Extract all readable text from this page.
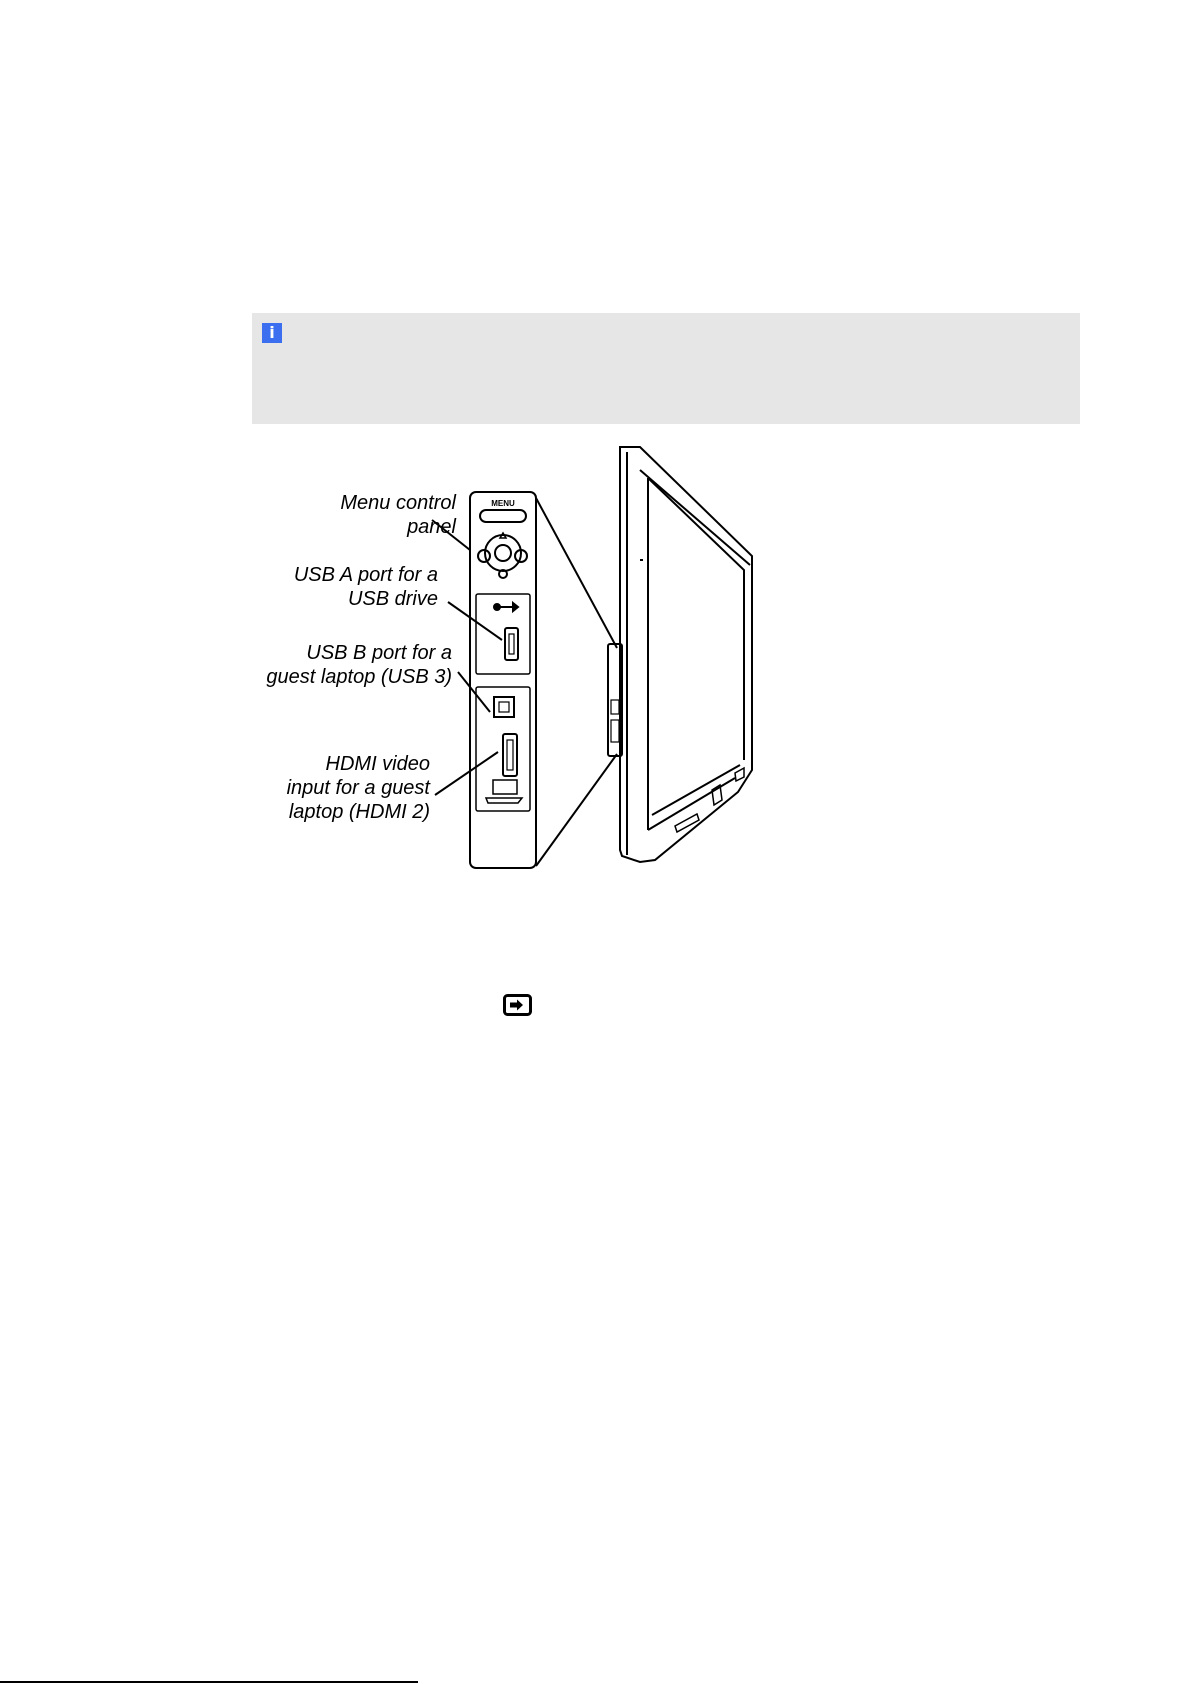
i
Menu control
panel
USB A port for a
USB drive
USB B port for a
guest laptop (USB 3)
HDMI video
input for a guest
laptop (HDMI 2)
MENU
